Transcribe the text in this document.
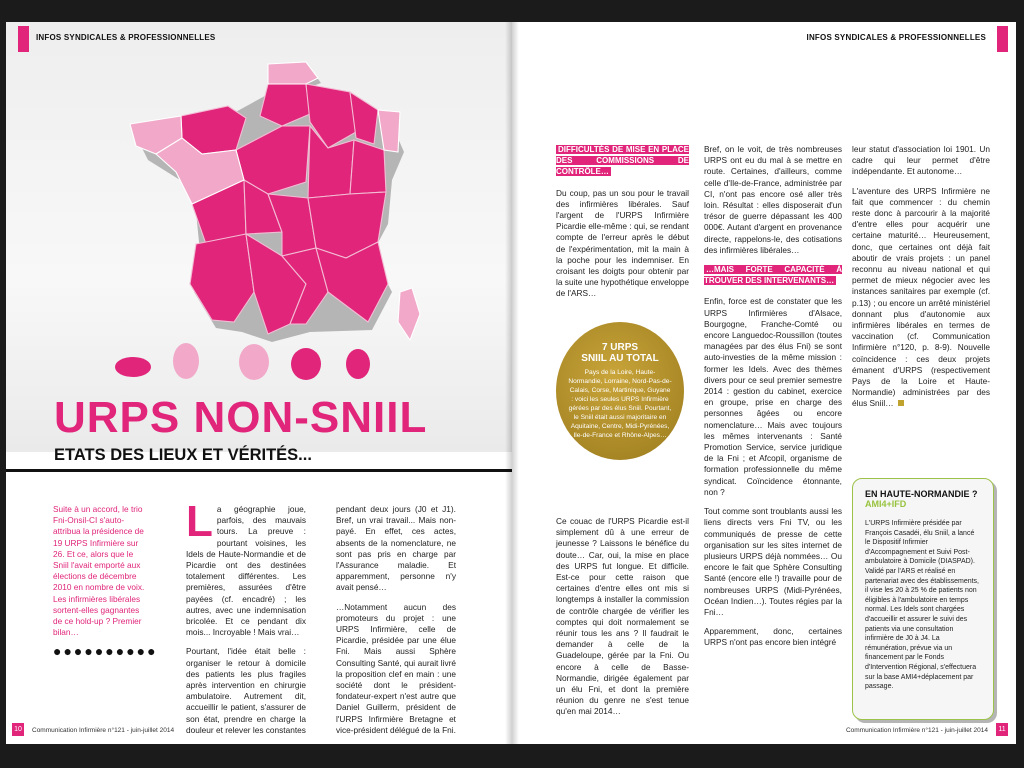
INFOS SYNDICALES & PROFESSIONNELLES
URPS NON-SNIIL
ETATS DES LIEUX ET VÉRITÉS...

Suite à un accord, le trio Fni-Onsil-CI s'auto-attribua la présidence de 19 URPS Infirmière sur 26. Et ce, alors que le Sniil l'avait emporté aux élections de décembre 2010 en nombre de voix. Les infirmières libérales sortent-elles gagnantes de ce hold-up ? Premier bilan…

●●●●●●●●●●

La géographie joue, parfois, des mauvais tours. La preuve : pourtant voisines, les Idels de Haute-Normandie et de Picardie ont des destinées totalement différentes. Les premières, assurées d'être payées (cf. encadré) ; les autres, avec une indemnisation bricolée. Et ce pendant dix mois... Incroyable ! Mais vrai…

Pourtant, l'idée était belle : organiser le retour à domicile des patients les plus fragiles après intervention en chirurgie ambulatoire. Autrement dit, accueillir le patient, s'assurer de son état, prendre en charge la douleur et relever les constantes

pendant deux jours (J0 et J1). Bref, un vrai travail... Mais non-payé. En effet, ces actes, absents de la nomenclature, ne sont pas pris en charge par l'Assurance maladie. Et apparemment, personne n'y avait pensé…

…Notamment aucun des promoteurs du projet : une URPS Infirmière, celle de Picardie, présidée par une élue Fni. Mais aussi Sphère Consulting Santé, qui aurait livré la proposition clef en main : une société dont le président-fondateur-expert n'est autre que Daniel Guillerm, président de l'URPS Infirmière Bretagne et vice-président délégué de la Fni.

10	Communication Infirmière n°121 - juin-juillet 2014
INFOS SYNDICALES & PROFESSIONNELLES
DIFFICULTÉS DE MISE EN PLACE DES COMMISSIONS DE CONTRÔLE…

Du coup, pas un sou pour le travail des infirmières libérales. Sauf l'argent de l'URPS Infirmière Picardie elle-même : qui, se rendant compte de l'erreur après le début de l'expérimentation, mit la main à la poche pour les indemniser. En croisant les doigts pour obtenir par la suite une hypothétique enveloppe de l'ARS…

7 URPS
SNIIL AU TOTAL

Pays de la Loire, Haute-Normandie, Lorraine, Nord-Pas-de-Calais, Corse, Martinique, Guyane : voici les seules URPS Infirmière gérées par des élus Sniil. Pourtant, le Sniil était aussi majoritaire en Aquitaine, Centre, Midi-Pyrénées, Ile-de-France et Rhône-Alpes…

Ce couac de l'URPS Picardie est-il simplement dû à une erreur de jeunesse ? Laissons le bénéfice du doute… Car, oui, la mise en place des URPS fut longue. Et difficile. Est-ce pour cette raison que certaines d'entre elles ont mis si longtemps à installer la commission de contrôle chargée de vérifier les comptes qui doit normalement se réunir tous les ans ? Il faudrait le demander à celle de la Guadeloupe, gérée par la Fni. Ou encore à celle de Basse-Normandie, dirigée également par un élu Fni, et dont la première réunion du genre ne s'est tenue qu'en mai 2014…

Bref, on le voit, de très nombreuses URPS ont eu du mal à se mettre en route. Certaines, d'ailleurs, comme celle d'Ile-de-France, administrée par CI, n'ont pas encore osé aller très loin. Résultat : elles disposerait d'un trésor de guerre dépassant les 400 000€. Autant d'argent en provenance directe, rappelons-le, des cotisations des infirmières libérales…

…MAIS FORTE CAPACITÉ À TROUVER DES INTERVENANTS…

Enfin, force est de constater que les URPS Infirmières d'Alsace, Bourgogne, Franche-Comté ou encore Languedoc-Roussillon (toutes managées par des élus Fni) se sont auto-investies de la même mission : former les Idels. Avec des thèmes divers pour ce seul premier semestre 2014 : gestion du cabinet, exercice en groupe, prise en charge des personnes âgées ou encore nomenclature… Mais avec toujours les mêmes intervenants : Santé Promotion Service, service juridique de la Fni ; et Afcopil, organisme de formation professionnelle du même syndicat. Coïncidence étonnante, non ?

Tout comme sont troublants aussi les liens directs vers Fni TV, ou les communiqués de presse de cette organisation sur les sites internet de plusieurs URPS déjà nommées… Ou encore le fait que Sphère Consulting Santé (encore elle !) travaille pour de nombreuses URPS (Midi-Pyrénées, Océan Indien…). Toutes régies par la Fni…

Apparemment, donc, certaines URPS n'ont pas encore bien intégré

leur statut d'association loi 1901. Un cadre qui leur permet d'être indépendante. Et autonome…

L'aventure des URPS Infirmière ne fait que commencer : du chemin reste donc à parcourir à la majorité d'entre elles pour acquérir une certaine maturité… Heureusement, donc, que certaines ont déjà fait aboutir de vrais projets : un panel reconnu au niveau national et qui permet de mieux négocier avec les instances sanitaires par exemple (cf. p.13) ; ou encore un arrêté ministériel donnant plus d'autonomie aux infirmières libérales en termes de vaccination (cf. Communication Infirmière n°120, p. 8-9). Nouvelle coïncidence : ces deux projets émanent d'URPS (respectivement Pays de la Loire et Haute-Normandie) administrées par des élus Sniil…

EN HAUTE-NORMANDIE ?
AMI4+IFD

L'URPS Infirmière présidée par François Casadéi, élu Sniil, a lancé le Dispositif Infirmier d'Accompagnement et Suivi Post-ambulatoire à Domicile (DIASPAD). Validé par l'ARS et réalisé en partenariat avec des établissements, il vise les 20 à 25 % de patients non éligibles à l'ambulatoire en temps normal. Les Idels sont chargées d'accueillir et assurer le suivi des patients via une consultation infirmière de J0 à J4. La rémunération, prévue via un financement par le Fonds d'Intervention Régional, s'effectuera sur la base AMI4+déplacement par passage.

Communication Infirmière n°121 - juin-juillet 2014	11
